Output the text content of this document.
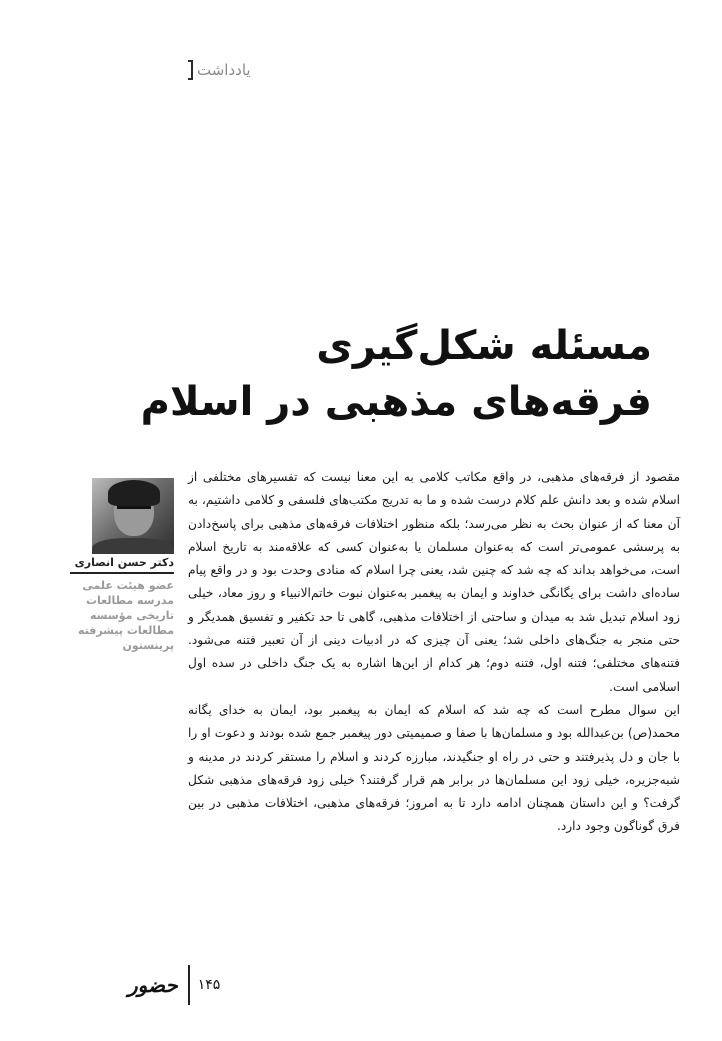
یادداشت
مسئله شکل‌گیری
فرقه‌های مذهبی در اسلام
دکتر حسن انصاری
عضو هیئت علمی
مدرسه مطالعات
تاریخی مؤسسه
مطالعات پیشرفته
پرینستون

مقصود از فرقه‌های مذهبی، در واقع مکاتب کلامی به این معنا نیست که تفسیرهای مختلفی از اسلام شده و بعد دانش علم کلام درست شده و ما به تدریج مکتب‌های فلسفی و کلامی داشتیم، به آن معنا که از عنوان بحث به نظر می‌رسد؛ بلکه منظور اختلافات فرقه‌های مذهبی برای پاسخ‌دادن به پرسشی عمومی‌تر است که به‌عنوان مسلمان یا به‌عنوان کسی که علاقه‌مند به تاریخ اسلام است، می‌خواهد بداند که چه شد که چنین شد، یعنی چرا اسلام که منادی وحدت بود و در واقع پیام ساده‌ای داشت برای یگانگی خداوند و ایمان به پیغمبر به‌عنوان نبوت خاتم‌الانبیاء و روز معاد، خیلی زود اسلام تبدیل شد به میدان و ساحتی از اختلافات مذهبی، گاهی تا حد تکفیر و تفسیق همدیگر و حتی منجر به جنگ‌های داخلی شد؛ یعنی آن چیزی که در ادبیات دینی از آن تعبیر فتنه می‌شود. فتنه‌های مختلفی؛ فتنه اول، فتنه دوم؛ هر کدام از این‌ها اشاره به یک جنگ داخلی در سده اول اسلامی است.

این سوال مطرح است که چه شد که اسلام که ایمان به پیغمبر بود، ایمان به خدای یگانه محمد(ص) بن‌عبدالله بود و مسلمان‌ها با صفا و صمیمیتی دور پیغمبر جمع شده بودند و دعوت او را با جان و دل پذیرفتند و حتی در راه او جنگیدند، مبارزه کردند و اسلام را مستقر کردند در مدینه و شبه‌جزیره، خیلی زود این مسلمان‌ها در برابر هم قرار گرفتند؟ خیلی زود فرقه‌های مذهبی شکل گرفت؟ و این داستان همچنان ادامه دارد تا به امروز؛ فرقه‌های مذهبی، اختلافات مذهبی در بین فرق گوناگون وجود دارد.

حضور ۱۴۵
